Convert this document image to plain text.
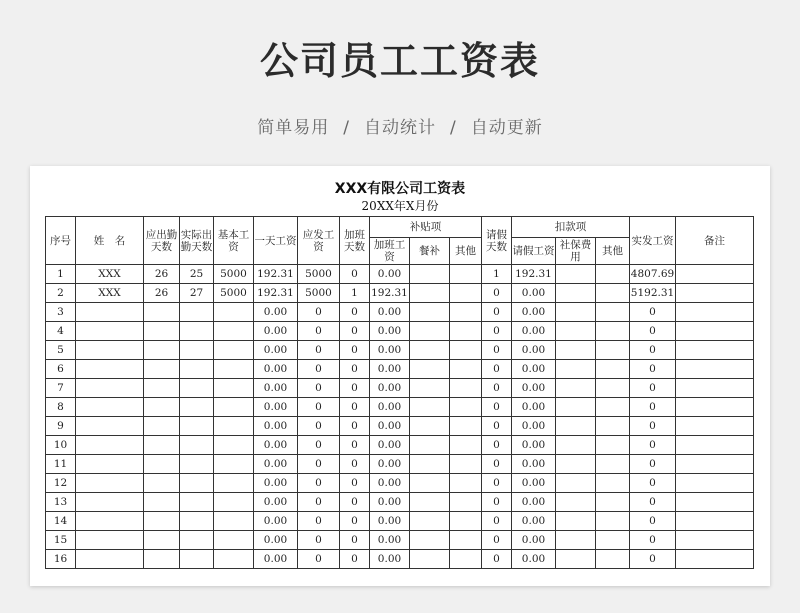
公司员工工资表
简单易用 / 自动统计 / 自动更新
XXX有限公司工资表
20XX年X月份
序号	姓　名	应出勤天数	实际出勤天数	基本工资	一天工资	应发工资	加班天数	补贴项			请假天数	扣款项			实发工资	备注
								加班工资	餐补	其他		请假工资	社保费用	其他		
1	XXX	26	25	5000	192.31	5000	0	0.00			1	192.31			4807.69	
2	XXX	26	27	5000	192.31	5000	1	192.31			0	0.00			5192.31	
3					0.00	0	0	0.00			0	0.00			0	
4					0.00	0	0	0.00			0	0.00			0	
5					0.00	0	0	0.00			0	0.00			0	
6					0.00	0	0	0.00			0	0.00			0	
7					0.00	0	0	0.00			0	0.00			0	
8					0.00	0	0	0.00			0	0.00			0	
9					0.00	0	0	0.00			0	0.00			0	
10					0.00	0	0	0.00			0	0.00			0	
11					0.00	0	0	0.00			0	0.00			0	
12					0.00	0	0	0.00			0	0.00			0	
13					0.00	0	0	0.00			0	0.00			0	
14					0.00	0	0	0.00			0	0.00			0	
15					0.00	0	0	0.00			0	0.00			0	
16					0.00	0	0	0.00			0	0.00			0	
